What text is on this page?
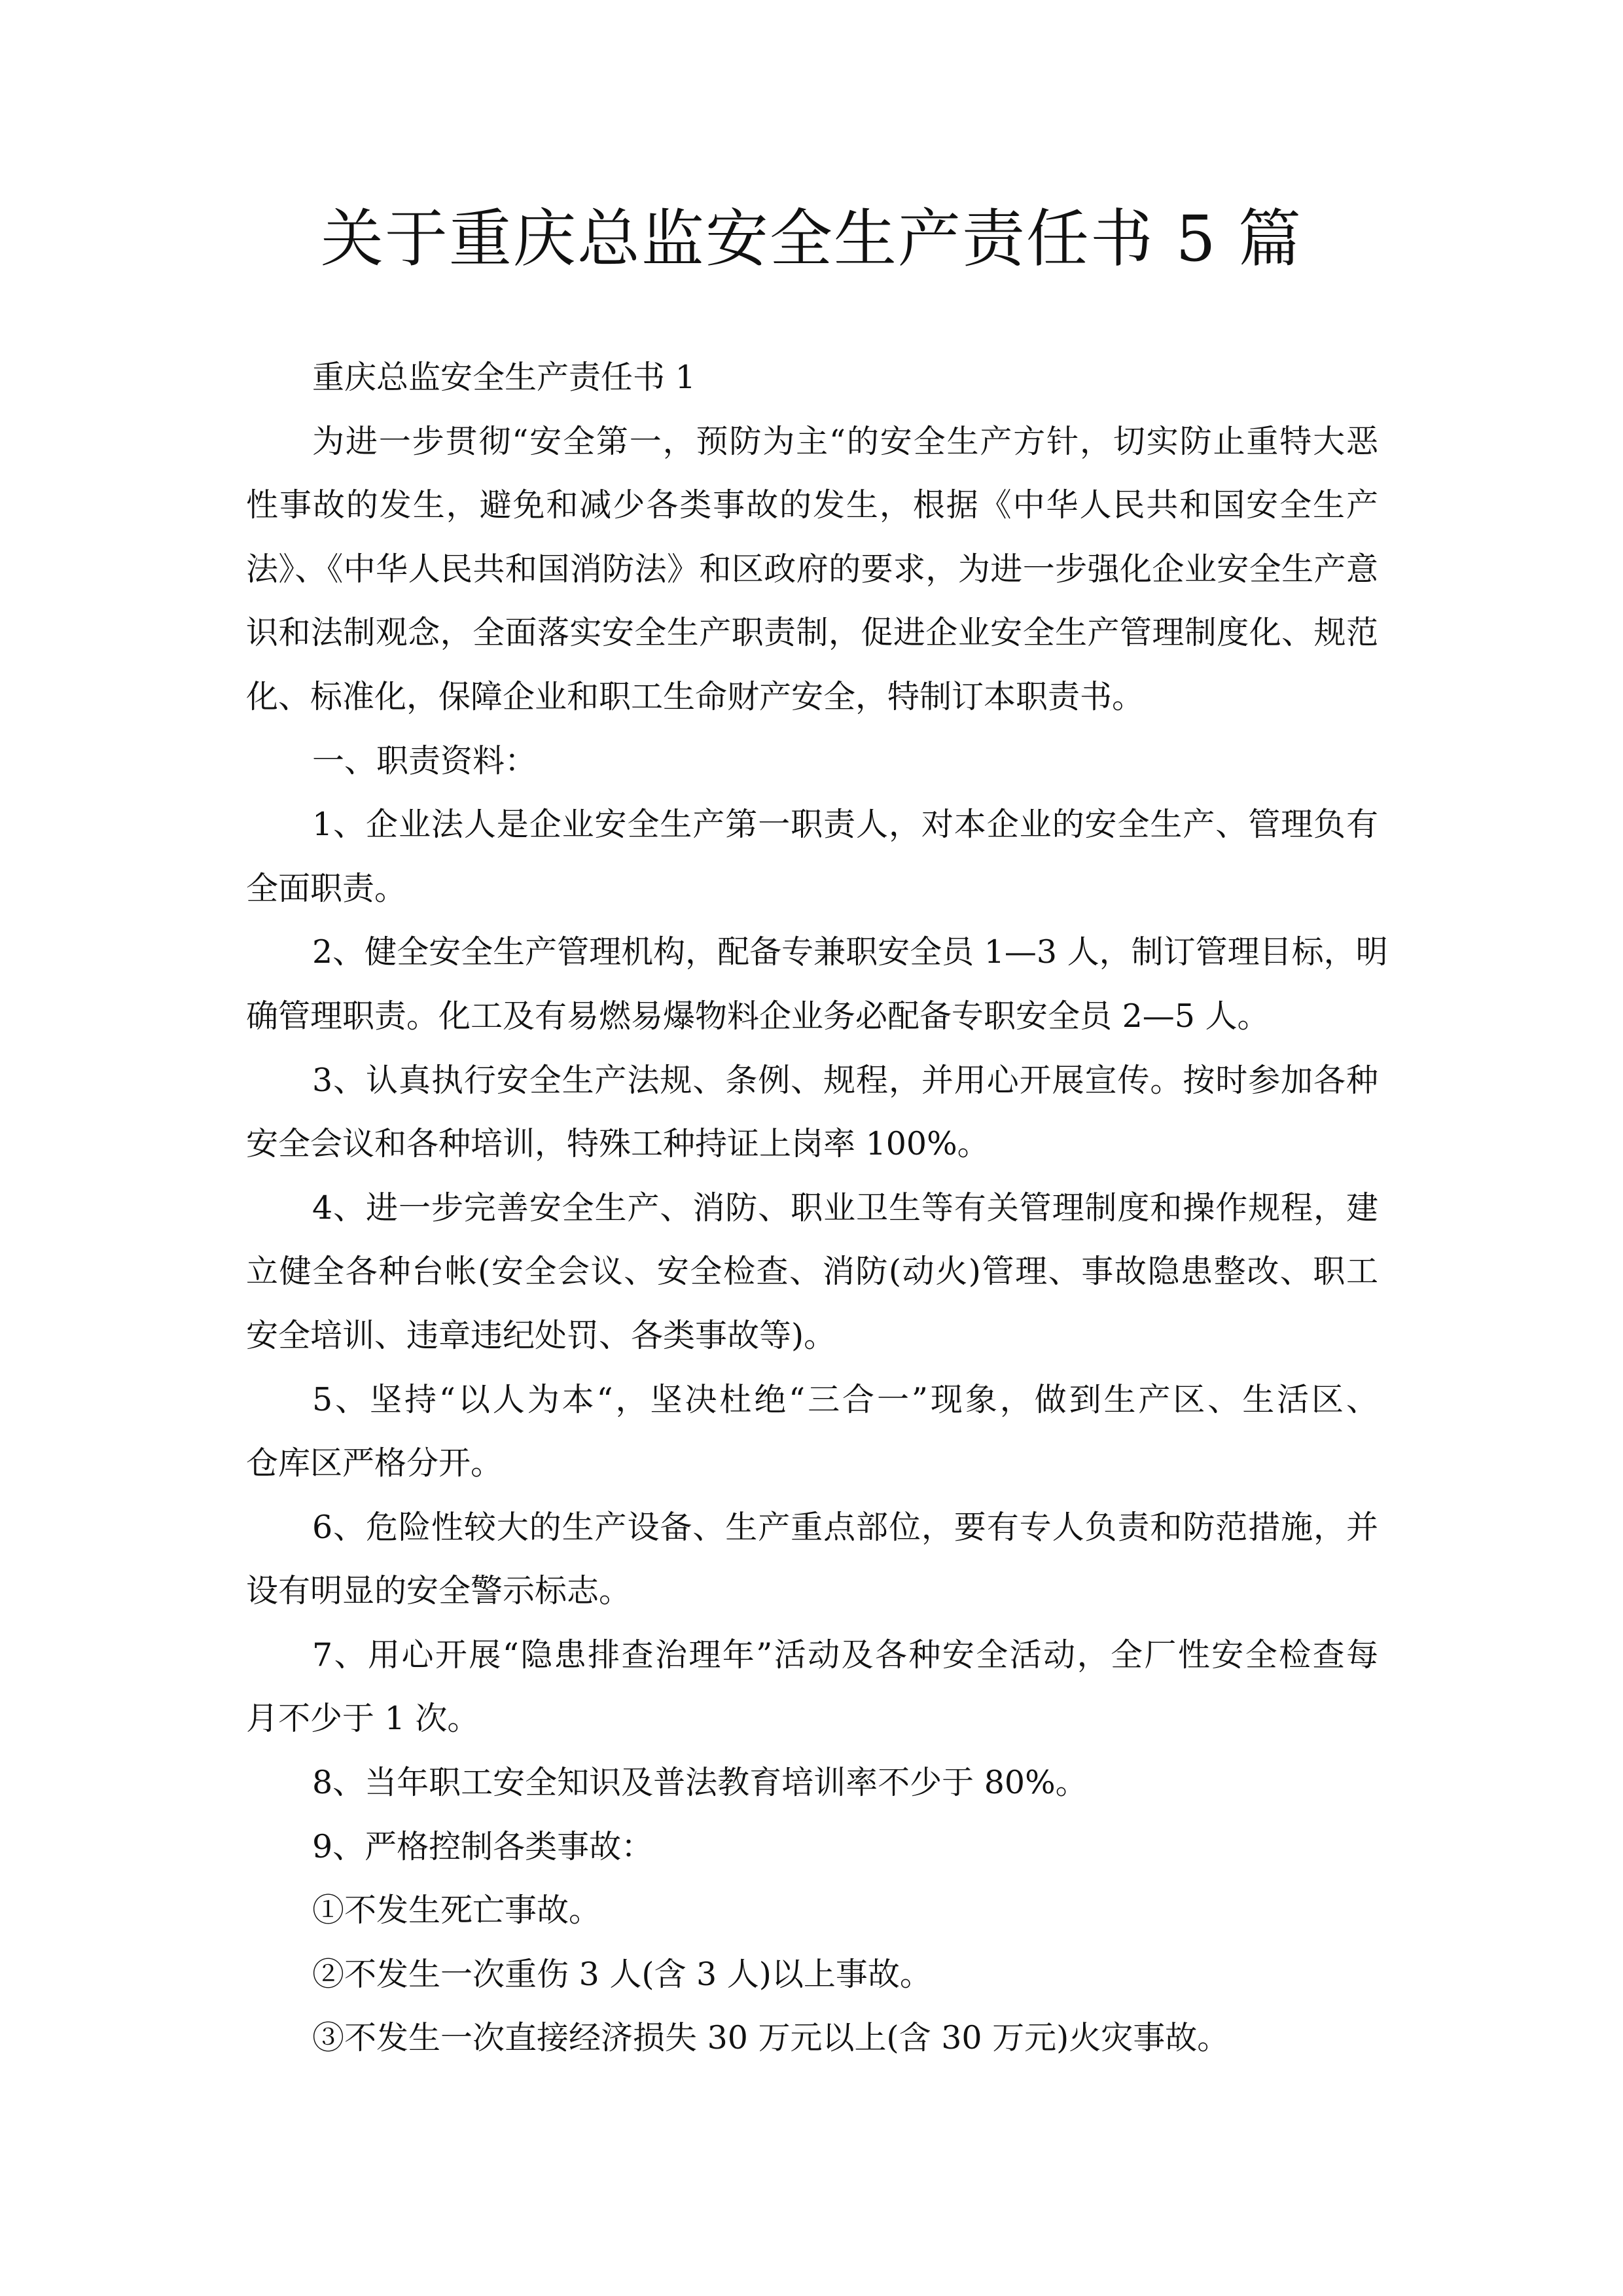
关于重庆总监安全生产责任书 5 篇
重庆总监安全生产责任书 1
为进一步贯彻“安全第一，预防为主“的安全生产方针，切实防止重特大恶
性事故的发生，避免和减少各类事故的发生，根据《中华人民共和国安全生产
法》、《中华人民共和国消防法》和区政府的要求，为进一步强化企业安全生产意
识和法制观念，全面落实安全生产职责制，促进企业安全生产管理制度化、规范
化、标准化，保障企业和职工生命财产安全，特制订本职责书。
一、职责资料：
1、企业法人是企业安全生产第一职责人，对本企业的安全生产、管理负有
全面职责。
2、健全安全生产管理机构，配备专兼职安全员 1—3 人，制订管理目标，明
确管理职责。化工及有易燃易爆物料企业务必配备专职安全员 2—5 人。
3、认真执行安全生产法规、条例、规程，并用心开展宣传。按时参加各种
安全会议和各种培训，特殊工种持证上岗率 100%。
4、进一步完善安全生产、消防、职业卫生等有关管理制度和操作规程，建
立健全各种台帐(安全会议、安全检查、消防(动火)管理、事故隐患整改、职工
安全培训、违章违纪处罚、各类事故等)。
5、坚持“以人为本“，坚决杜绝“三合一”现象，做到生产区、生活区、
仓库区严格分开。
6、危险性较大的生产设备、生产重点部位，要有专人负责和防范措施，并
设有明显的安全警示标志。
7、用心开展“隐患排查治理年”活动及各种安全活动，全厂性安全检查每
月不少于 1 次。
8、当年职工安全知识及普法教育培训率不少于 80%。
9、严格控制各类事故：
①不发生死亡事故。
②不发生一次重伤 3 人(含 3 人)以上事故。
③不发生一次直接经济损失 30 万元以上(含 30 万元)火灾事故。
